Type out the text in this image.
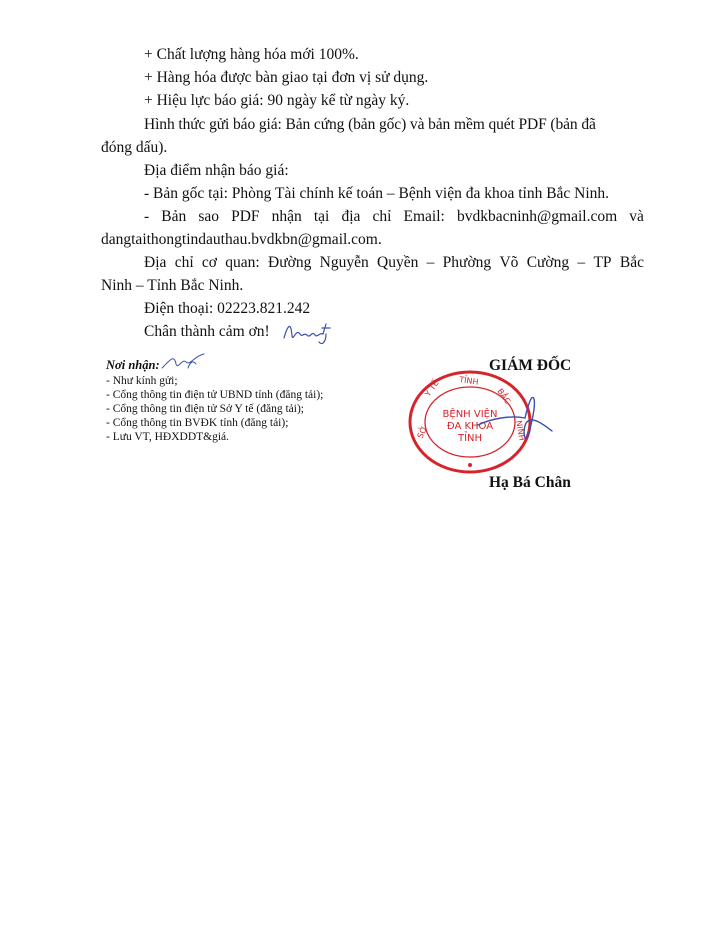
+ Chất lượng hàng hóa mới 100%.
+ Hàng hóa được bàn giao tại đơn vị sử dụng.
+ Hiệu lực báo giá: 90 ngày kể từ ngày ký.
Hình thức gửi báo giá: Bản cứng (bản gốc) và bản mềm quét PDF (bản đã
đóng dấu).
Địa điểm nhận báo giá:
- Bản gốc tại: Phòng Tài chính kế toán – Bệnh viện đa khoa tỉnh Bắc Ninh.
- Bản sao PDF nhận tại địa chỉ Email: bvdkbacninh@gmail.com và
dangtaithongtindauthau.bvdkbn@gmail.com.
Địa chỉ cơ quan: Đường Nguyễn Quyền – Phường Võ Cường – TP Bắc
Ninh – Tỉnh Bắc Ninh.
Điện thoại: 02223.821.242
Chân thành cảm ơn!
Nơi nhận:
- Như kính gửi;
- Cổng thông tin điện tử UBND tỉnh (đăng tải);
- Cổng thông tin điện tử Sở Y tế (đăng tải);
- Cổng thông tin BVĐK tỉnh (đăng tải);
- Lưu VT, HĐXDDT&giá.
GIÁM ĐỐC
TỈNH
Y TẾ	BẮC
NINH
SỞ
BỆNH VIỆN
ĐA KHOA
TỈNH
Hạ Bá Chân
